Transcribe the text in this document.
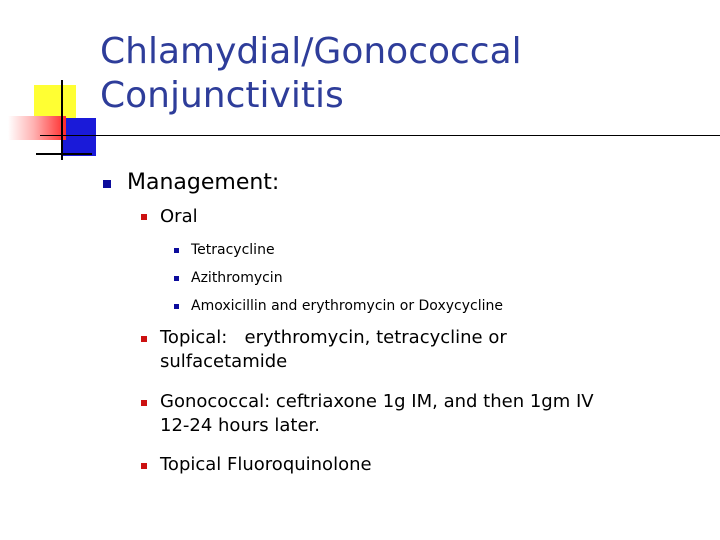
Chlamydial/Gonococcal
Conjunctivitis
Management:
Oral
Tetracycline
Azithromycin
Amoxicillin and erythromycin or Doxycycline
Topical:   erythromycin, tetracycline or
sulfacetamide
Gonococcal: ceftriaxone 1g IM, and then 1gm IV
12-24 hours later.
Topical Fluoroquinolone
